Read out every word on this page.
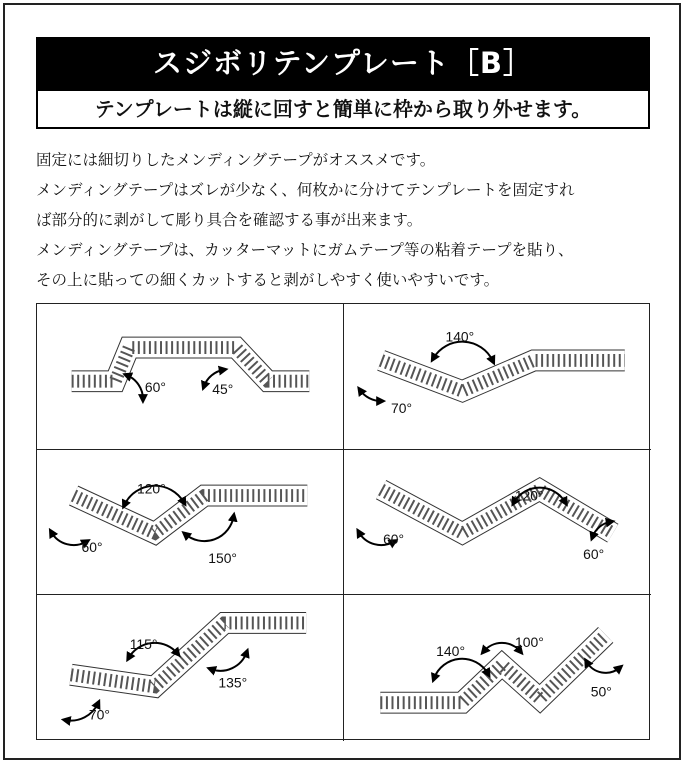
スジボリテンプレート［B］
テンプレートは縦に回すと簡単に枠から取り外せます。

固定には細切りしたメンディングテープがオススメです。

メンディングテープはズレが少なく、何枚かに分けてテンプレートを固定すれ

ば部分的に剥がして彫り具合を確認する事が出来ます。

メンディングテープは、カッターマットにガムテープ等の粘着テープを貼り、

その上に貼っての細くカットすると剥がしやすく使いやすいです。

60°	45°
140°
70°
120°
60°
150°
120°
60°
60°
115°
135°
70°
140°
100°
50°
